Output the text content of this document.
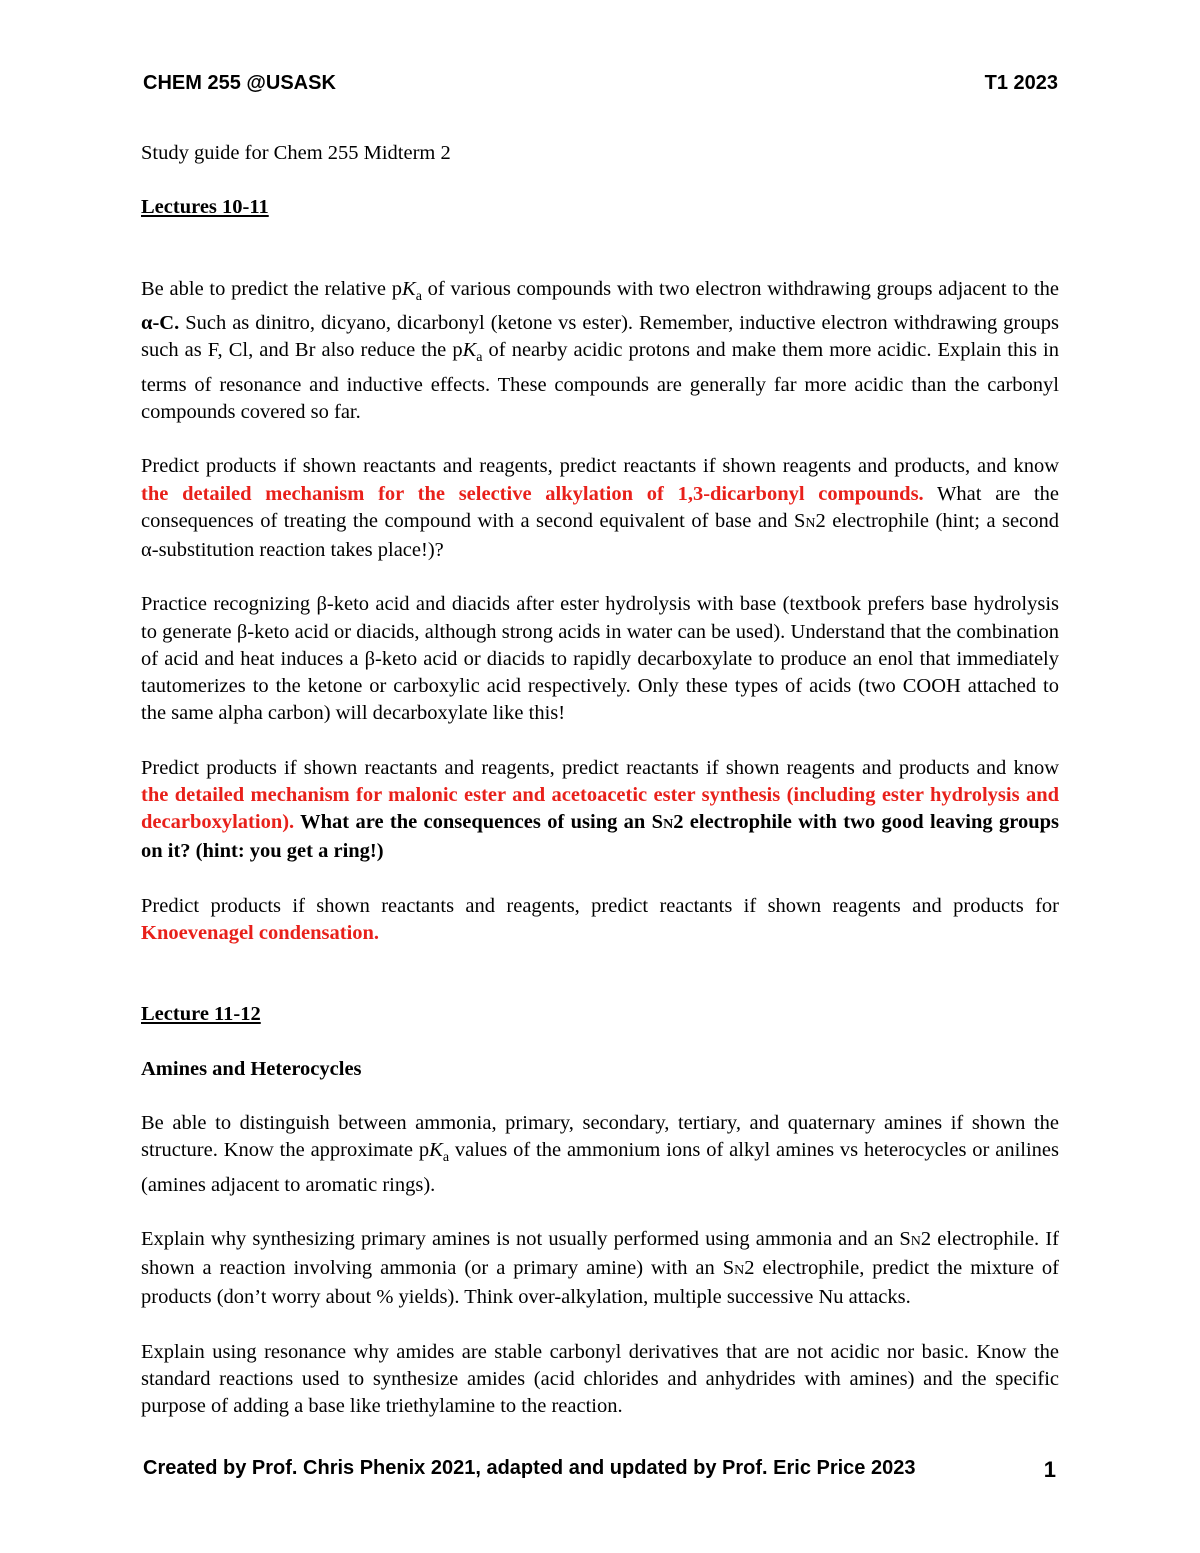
CHEM 255 @USASK	T1 2023

Study guide for Chem 255 Midterm 2

Lectures 10-11

Be able to predict the relative $pK_a$ of various compounds with two electron withdrawing groups adjacent to the α-C. Such as dinitro, dicyano, dicarbonyl (ketone vs ester). Remember, inductive electron withdrawing groups such as F, Cl, and Br also reduce the $pK_a$ of nearby acidic protons and make them more acidic. Explain this in terms of resonance and inductive effects. These compounds are generally far more acidic than the carbonyl compounds covered so far.

Predict products if shown reactants and reagents, predict reactants if shown reagents and products, and know the detailed mechanism for the selective alkylation of 1,3-dicarbonyl compounds. What are the consequences of treating the compound with a second equivalent of base and SN2 electrophile (hint; a second α-substitution reaction takes place!)?

Practice recognizing β-keto acid and diacids after ester hydrolysis with base (textbook prefers base hydrolysis to generate β-keto acid or diacids, although strong acids in water can be used). Understand that the combination of acid and heat induces a β-keto acid or diacids to rapidly decarboxylate to produce an enol that immediately tautomerizes to the ketone or carboxylic acid respectively. Only these types of acids (two COOH attached to the same alpha carbon) will decarboxylate like this!

Predict products if shown reactants and reagents, predict reactants if shown reagents and products and know the detailed mechanism for malonic ester and acetoacetic ester synthesis (including ester hydrolysis and decarboxylation). What are the consequences of using an SN2 electrophile with two good leaving groups on it? (hint: you get a ring!)

Predict products if shown reactants and reagents, predict reactants if shown reagents and products for Knoevenagel condensation.

Lecture 11-12

Amines and Heterocycles

Be able to distinguish between ammonia, primary, secondary, tertiary, and quaternary amines if shown the structure. Know the approximate $pK_a$ values of the ammonium ions of alkyl amines vs heterocycles or anilines (amines adjacent to aromatic rings).

Explain why synthesizing primary amines is not usually performed using ammonia and an SN2 electrophile. If shown a reaction involving ammonia (or a primary amine) with an SN2 electrophile, predict the mixture of products (don’t worry about % yields). Think over-alkylation, multiple successive Nu attacks.

Explain using resonance why amides are stable carbonyl derivatives that are not acidic nor basic. Know the standard reactions used to synthesize amides (acid chlorides and anhydrides with amines) and the specific purpose of adding a base like triethylamine to the reaction.

Created by Prof. Chris Phenix 2021, adapted and updated by Prof. Eric Price 2023	1
